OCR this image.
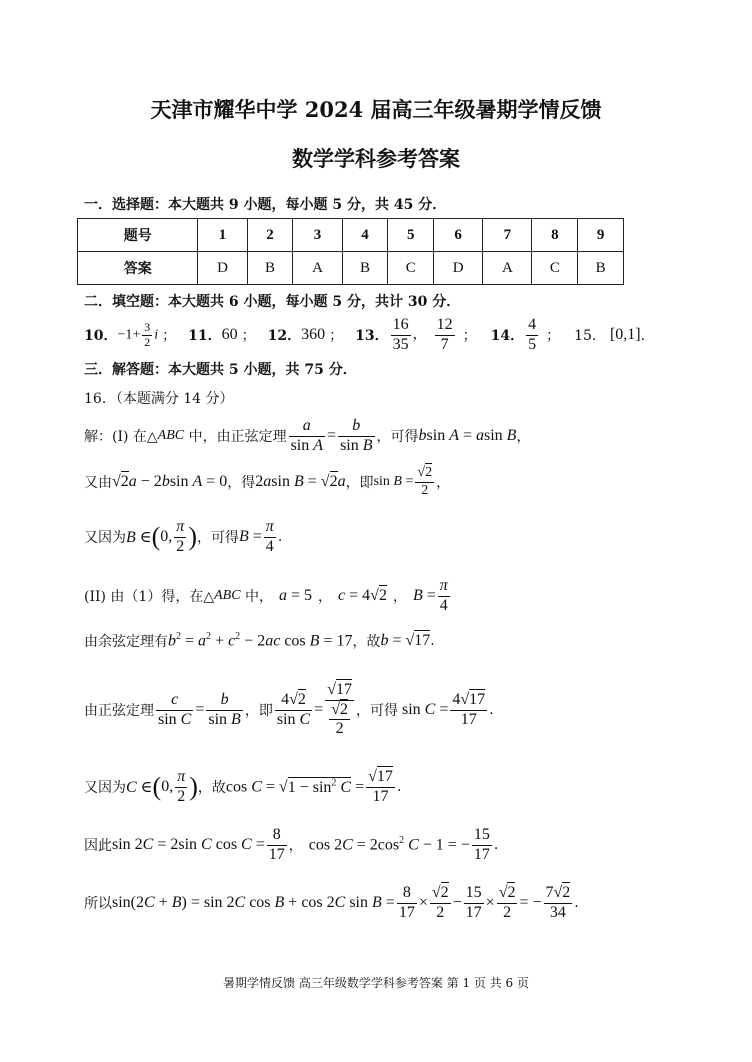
天津市耀华中学 2024 届高三年级暑期学情反馈
数学学科参考答案
一．选择题：本大题共 9 小题，每小题 5 分，共 45 分．
题号	1	2	3	4	5	6	7	8	9
答案	D	B	A	B	C	D	A	C	B
二．填空题：本大题共 6 小题，每小题 5 分，共计 30 分．
10． $-1+ \frac{3}{2}$ i ； 11． 60 ； 12． 360 ； 13． $\frac{16}{35}$ ， $\frac{12}{7}$ ； 14． $\frac{4}{5}$ ； 15． [0,1] ．
三．解答题：本大题共 5 小题，共 75 分．
16．（本题满分 14 分）
解：(I) 在△ ABC 中，由正弦定理 $\frac{a}{\text{sin A}} = \frac{b}{\text{sin B}}$ ，可得 bsin A = asin B ，
又由 √2a − 2bsin A = 0 ，得 2asin B = √2a ，即 $\sin B = \frac{√2}{2}$ ，
又因为 B ∈ ( 0, $\frac{\pi}{2}$ ) ，可得 $B = \frac{\pi}{4}$ .
(II) 由（1）得，在△ ABC 中， a = 5 ， c = 4√2 ， $B = \frac{\pi}{4}$
由余弦定理有 $b^2 = a^2 + c^2 - 2ac$ cos B = 17 ，故 b = √17 .
由正弦定理 $\frac{c}{\text{sin C}} = \frac{b}{\text{sin B}}$ ，即 $\frac{4√2}{\text{sin C}} = \frac{√17}{\frac{√2}{2}}$ ，可得 $\sin C = \frac{4√17}{17}$ .
又因为 C ∈ ( 0, $\frac{\pi}{2}$ ) ，故 $\cos C = √1 - \sin^2 C = \frac{√17}{17}$ .
因此 sin 2C = 2sin C $\cos C = \frac{8}{17}$ ， $\cos 2C = 2\cos^2$ C − 1 = − $\frac{15}{17}$ .
所以 sin(2C + B) = sin 2C cos B + cos 2C $\sin B = \frac{8}{17} \times \frac{√2}{2} - \frac{15}{17} \times \frac{√2}{2}$ = − $\frac{7√2}{34}$ .
暑期学情反馈 高三年级数学学科参考答案 第 1 页 共 6 页
